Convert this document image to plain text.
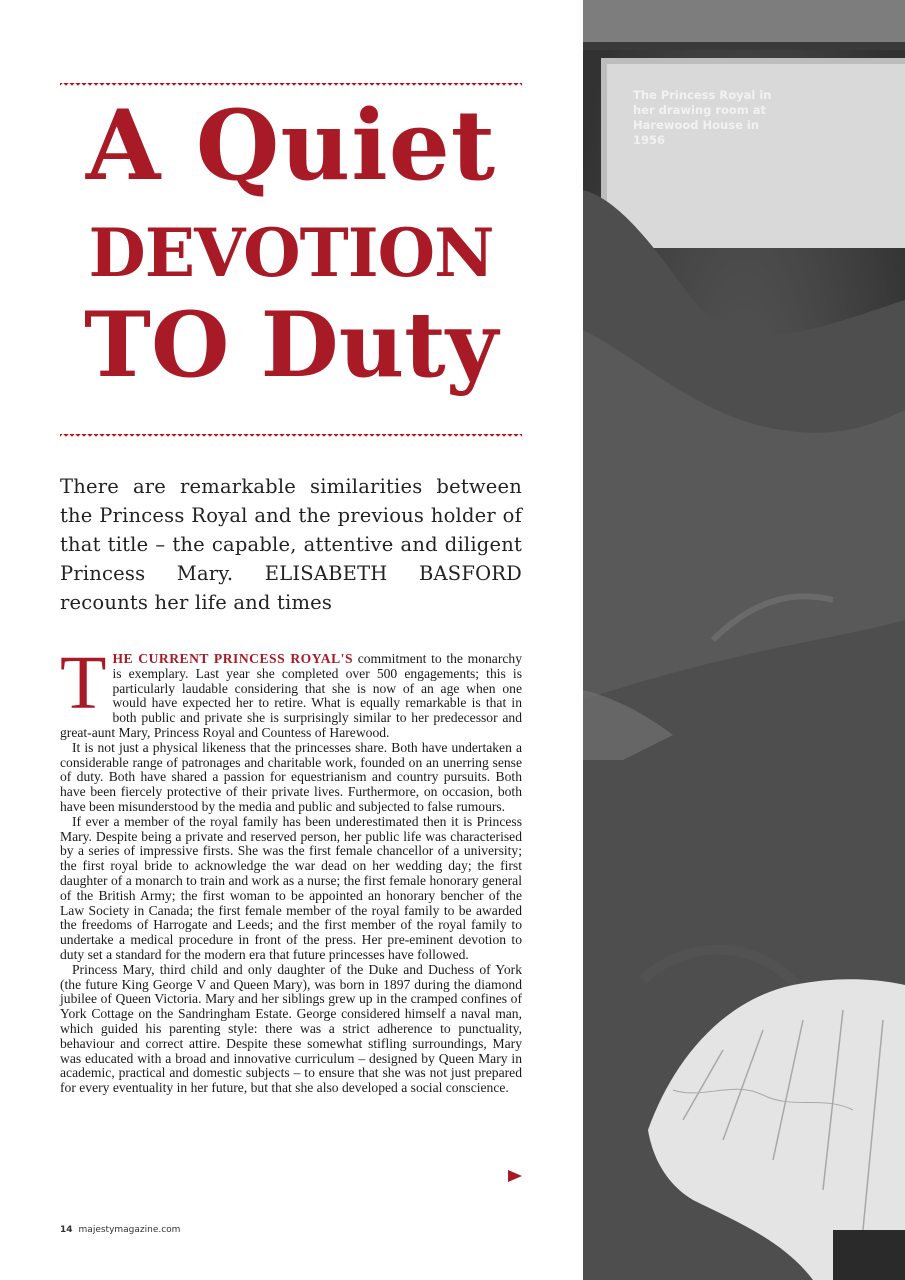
A Quiet
DEVOTION
TO Duty
There are remarkable similarities between the Princess Royal and the previous holder of that title – the capable, attentive and diligent Princess Mary. ELISABETH BASFORD recounts her life and times

THE CURRENT PRINCESS ROYAL'S commitment to the monarchy is exemplary. Last year she completed over 500 engagements; this is particularly laudable considering that she is now of an age when one would have expected her to retire. What is equally remarkable is that in both public and private she is surprisingly similar to her predecessor and great-aunt Mary, Princess Royal and Countess of Harewood.

It is not just a physical likeness that the princesses share. Both have undertaken a considerable range of patronages and charitable work, founded on an unerring sense of duty. Both have shared a passion for equestrianism and country pursuits. Both have been fiercely protective of their private lives. Furthermore, on occasion, both have been misunderstood by the media and public and subjected to false rumours.

If ever a member of the royal family has been underestimated then it is Princess Mary. Despite being a private and reserved person, her public life was characterised by a series of impressive firsts. She was the first female chancellor of a university; the first royal bride to acknowledge the war dead on her wedding day; the first daughter of a monarch to train and work as a nurse; the first female honorary general of the British Army; the first woman to be appointed an honorary bencher of the Law Society in Canada; the first female member of the royal family to be awarded the freedoms of Harrogate and Leeds; and the first member of the royal family to undertake a medical procedure in front of the press. Her pre-eminent devotion to duty set a standard for the modern era that future princesses have followed.

Princess Mary, third child and only daughter of the Duke and Duchess of York (the future King George V and Queen Mary), was born in 1897 during the diamond jubilee of Queen Victoria. Mary and her siblings grew up in the cramped confines of York Cottage on the Sandringham Estate. George considered himself a naval man, which guided his parenting style: there was a strict adherence to punctuality, behaviour and correct attire. Despite these somewhat stifling surroundings, Mary was educated with a broad and innovative curriculum – designed by Queen Mary in academic, practical and domestic subjects – to ensure that she was not just prepared for every eventuality in her future, but that she also developed a social conscience.

14 majestymagazine.com
The Princess Royal in her drawing room at Harewood House in 1956
